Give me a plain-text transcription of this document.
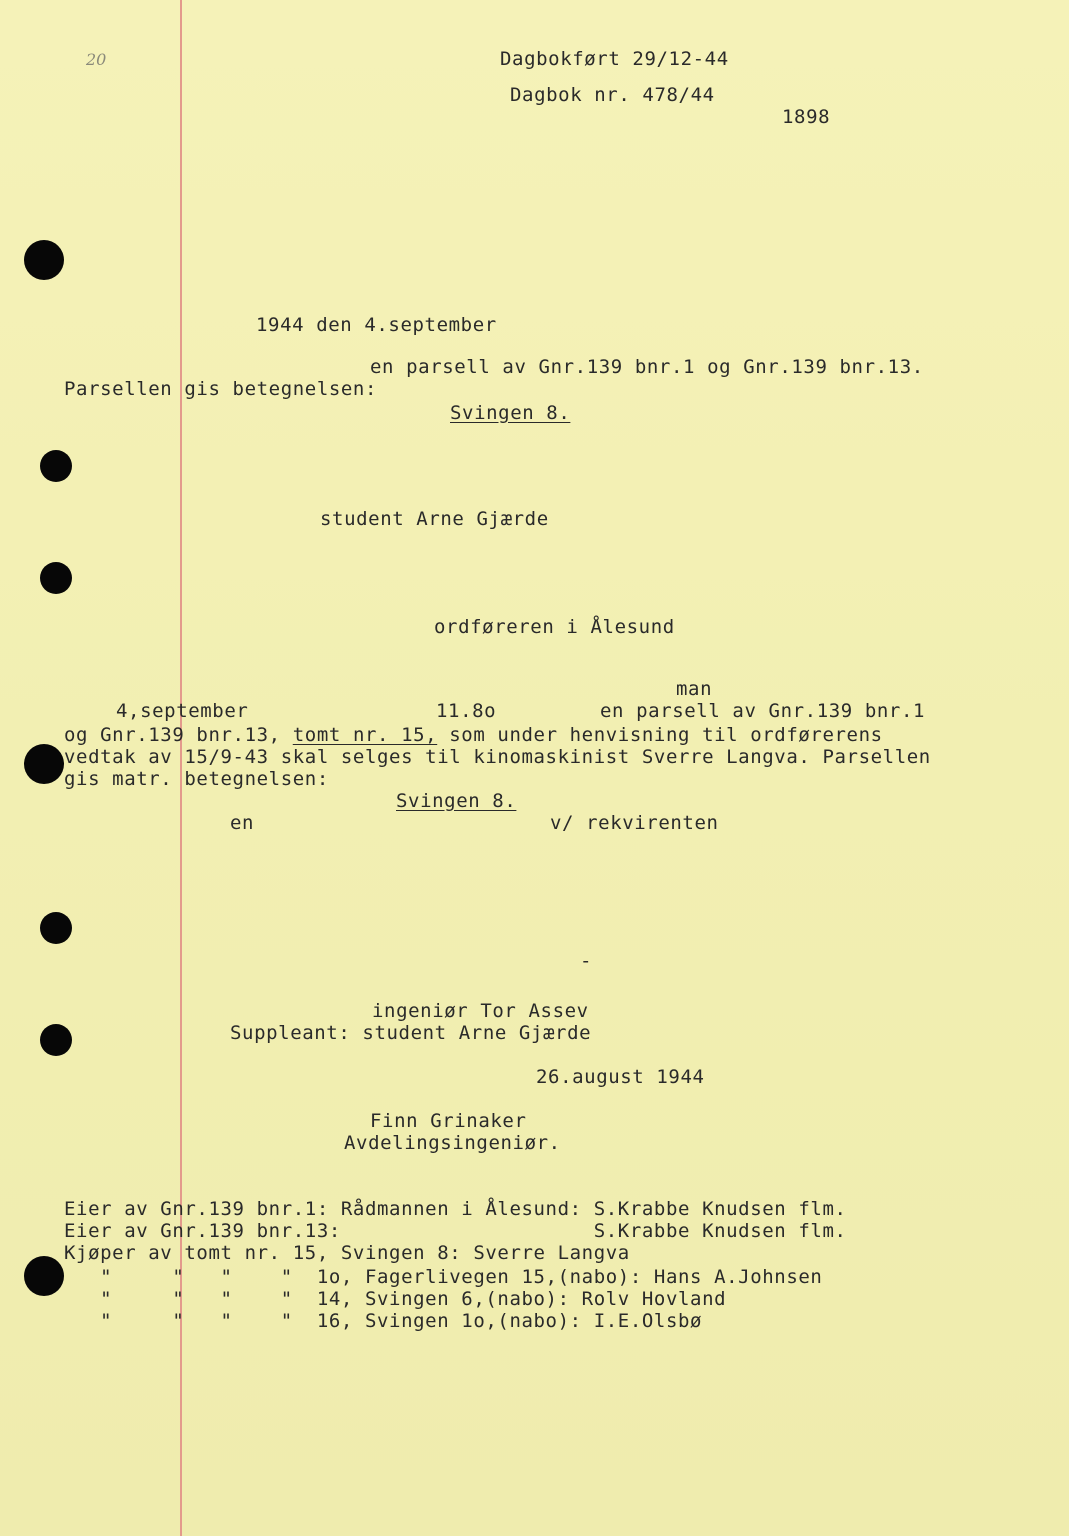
20	Dagbokført 29/12-44
Dagbok nr. 478/44
1898
1944 den 4.september
en parsell av Gnr.139 bnr.1 og Gnr.139 bnr.13.
Parsellen gis betegnelsen:
Svingen 8.
student Arne Gjærde
ordføreren i Ålesund
man
4,september	11.8o	en parsell av Gnr.139 bnr.1
og Gnr.139 bnr.13, tomt nr. 15, som under henvisning til ordførerens
vedtak av 15/9-43 skal selges til kinomaskinist Sverre Langva. Parsellen
gis matr. betegnelsen:
Svingen 8.
en	v/ rekvirenten
-
ingeniør Tor Assev
Suppleant: student Arne Gjærde
26.august 1944
Finn Grinaker
Avdelingsingeniør.
Eier av Gnr.139 bnr.1: Rådmannen i Ålesund: S.Krabbe Knudsen flm.
Eier av Gnr.139 bnr.13:                     S.Krabbe Knudsen flm.
Kjøper av tomt nr. 15, Svingen 8: Sverre Langva
"     "   "    "  1o, Fagerlivegen 15,(nabo): Hans A.Johnsen
"     "   "    "  14, Svingen 6,(nabo): Rolv Hovland
"     "   "    "  16, Svingen 1o,(nabo): I.E.Olsbø
